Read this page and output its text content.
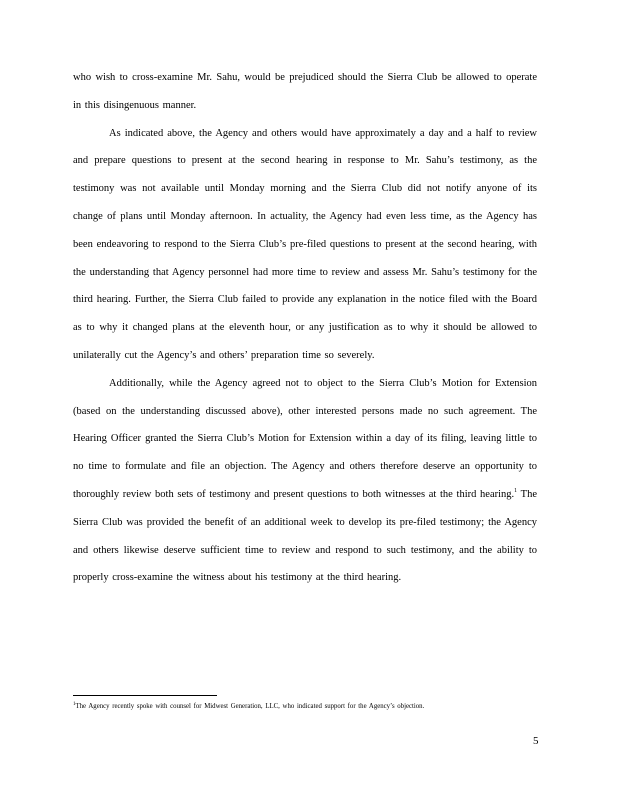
who wish to cross-examine Mr. Sahu, would be prejudiced should the Sierra Club be allowed to operate in this disingenuous manner.

As indicated above, the Agency and others would have approximately a day and a half to review and prepare questions to present at the second hearing in response to Mr. Sahu’s testimony, as the testimony was not available until Monday morning and the Sierra Club did not notify anyone of its change of plans until Monday afternoon. In actuality, the Agency had even less time, as the Agency has been endeavoring to respond to the Sierra Club’s pre-filed questions to present at the second hearing, with the understanding that Agency personnel had more time to review and assess Mr. Sahu’s testimony for the third hearing. Further, the Sierra Club failed to provide any explanation in the notice filed with the Board as to why it changed plans at the eleventh hour, or any justification as to why it should be allowed to unilaterally cut the Agency’s and others’ preparation time so severely.

Additionally, while the Agency agreed not to object to the Sierra Club’s Motion for Extension (based on the understanding discussed above), other interested persons made no such agreement. The Hearing Officer granted the Sierra Club’s Motion for Extension within a day of its filing, leaving little to no time to formulate and file an objection. The Agency and others therefore deserve an opportunity to thoroughly review both sets of testimony and present questions to both witnesses at the third hearing.$^1$ The Sierra Club was provided the benefit of an additional week to develop its pre-filed testimony; the Agency and others likewise deserve sufficient time to review and respond to such testimony, and the ability to properly cross-examine the witness about his testimony at the third hearing.

$^1$The Agency recently spoke with counsel for Midwest Generation, LLC, who indicated support for the Agency’s objection.
5
